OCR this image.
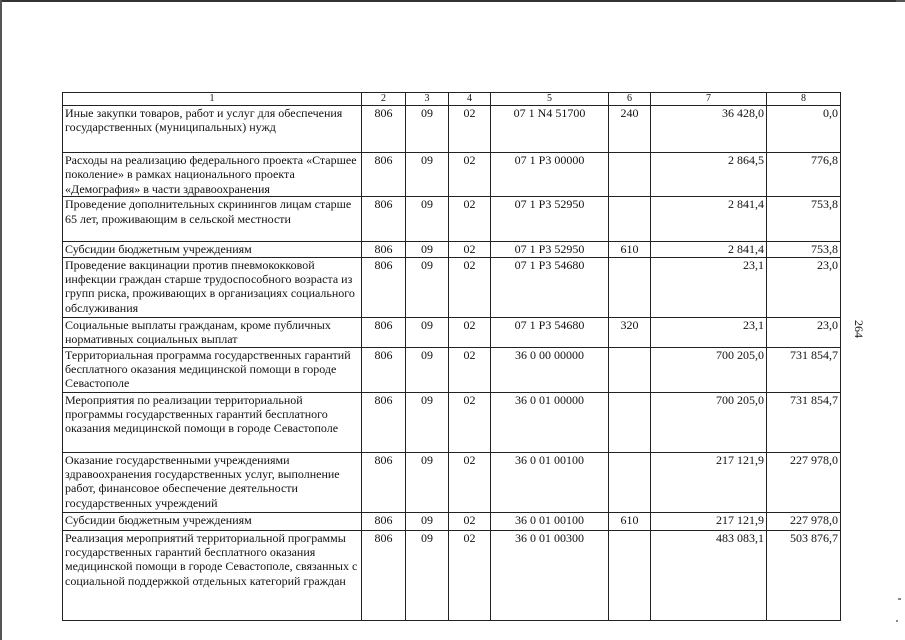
1	2	3	4	5	6	7	8
Иные закупки товаров, работ и услуг для обеспечения государственных (муниципальных) нужд	806	09	02	07 1 N4 51700	240	36 428,0	0,0
Расходы на реализацию федерального проекта «Старшее поколение» в рамках национального проекта «Демография» в части здравоохранения	806	09	02	07 1 P3 00000		2 864,5	776,8
Проведение дополнительных скринингов лицам старше 65 лет, проживающим в сельской местности	806	09	02	07 1 P3 52950		2 841,4	753,8
Субсидии бюджетным учреждениям	806	09	02	07 1 P3 52950	610	2 841,4	753,8
Проведение вакцинации против пневмококковой инфекции граждан старше трудоспособного возраста из групп риска, проживающих в организациях социального обслуживания	806	09	02	07 1 P3 54680		23,1	23,0
Социальные выплаты гражданам, кроме публичных нормативных социальных выплат	806	09	02	07 1 P3 54680	320	23,1	23,0
Территориальная программа государственных гарантий бесплатного оказания медицинской помощи в городе Севастополе	806	09	02	36 0 00 00000		700 205,0	731 854,7
Мероприятия по реализации территориальной программы государственных гарантий бесплатного оказания медицинской помощи в городе Севастополе	806	09	02	36 0 01 00000		700 205,0	731 854,7
Оказание государственными учреждениями здравоохранения государственных услуг, выполнение работ, финансовое обеспечение деятельности государственных учреждений	806	09	02	36 0 01 00100		217 121,9	227 978,0
Субсидии бюджетным учреждениям	806	09	02	36 0 01 00100	610	217 121,9	227 978,0
Реализация мероприятий территориальной программы государственных гарантий бесплатного оказания медицинской помощи в городе Севастополе, связанных с социальной поддержкой отдельных категорий граждан	806	09	02	36 0 01 00300		483 083,1	503 876,7
264
